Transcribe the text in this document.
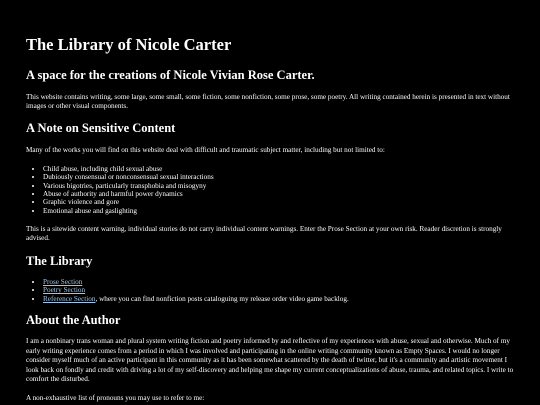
The Library of Nicole Carter
A space for the creations of Nicole Vivian Rose Carter.

This website contains writing, some large, some small, some fiction, some nonfiction, some prose, some poetry. All writing contained herein is presented in text without images or other visual components.

A Note on Sensitive Content

Many of the works you will find on this website deal with difficult and traumatic subject matter, including but not limited to:

• Child abuse, including child sexual abuse
• Dubiously consensual or nonconsensual sexual interactions
• Various bigotries, particularly transphobia and misogyny
• Abuse of authority and harmful power dynamics
• Graphic violence and gore
• Emotional abuse and gaslighting

This is a sitewide content warning, individual stories do not carry individual content warnings. Enter the Prose Section at your own risk. Reader discretion is strongly advised.

The Library
• Prose Section
• Poetry Section
• Reference Section, where you can find nonfiction posts cataloguing my release order video game backlog.
About the Author

I am a nonbinary trans woman and plural system writing fiction and poetry informed by and reflective of my experiences with abuse, sexual and otherwise. Much of my early writing experience comes from a period in which I was involved and participating in the online writing community known as Empty Spaces. I would no longer consider myself much of an active participant in this community as it has been somewhat scattered by the death of twitter, but it's a community and artistic movement I look back on fondly and credit with driving a lot of my self-discovery and helping me shape my current conceptualizations of abuse, trauma, and related topics. I write to comfort the disturbed.

A non-exhaustive list of pronouns you may use to refer to me:
